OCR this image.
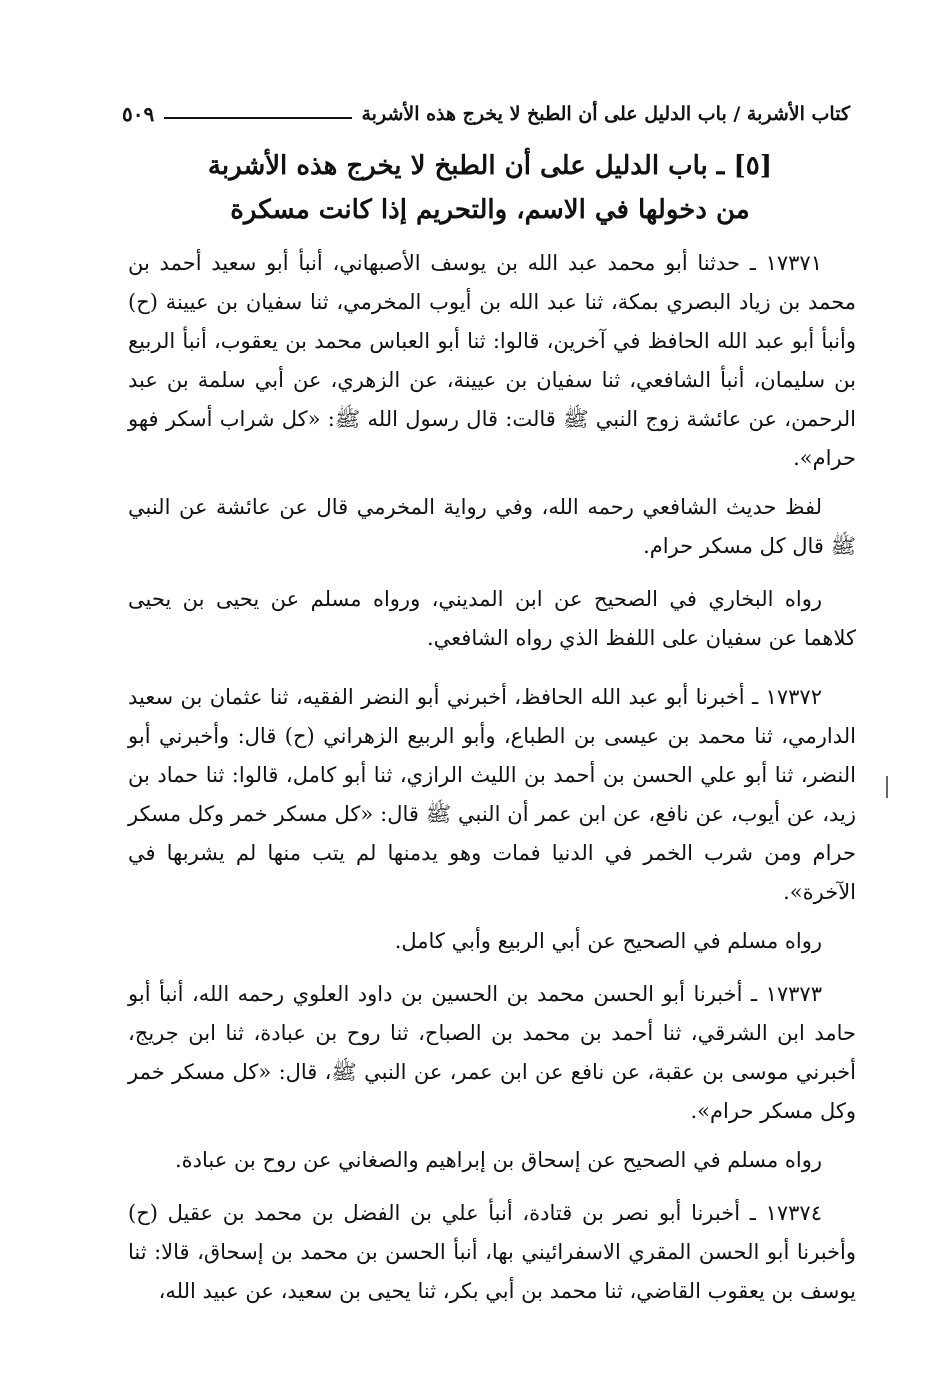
كتاب الأشربة / باب الدليل على أن الطبخ لا يخرج هذه الأشربة
٥٠٩
[٥] ـ باب الدليل على أن الطبخ لا يخرج هذه الأشربة
من دخولها في الاسم، والتحريم إذا كانت مسكرة

١٧٣٧١ ـ حدثنا أبو محمد عبد الله بن يوسف الأصبهاني، أنبأ أبو سعيد أحمد بن محمد بن زياد البصري بمكة، ثنا عبد الله بن أيوب المخرمي، ثنا سفيان بن عيينة (ح) وأنبأ أبو عبد الله الحافظ في آخرين، قالوا: ثنا أبو العباس محمد بن يعقوب، أنبأ الربيع بن سليمان، أنبأ الشافعي، ثنا سفيان بن عيينة، عن الزهري، عن أبي سلمة بن عبد الرحمن، عن عائشة زوج النبي ﷺ قالت: قال رسول الله ﷺ: «كل شراب أسكر فهو حرام».

لفظ حديث الشافعي رحمه الله، وفي رواية المخرمي قال عن عائشة عن النبي ﷺ قال كل مسكر حرام.

رواه البخاري في الصحيح عن ابن المديني، ورواه مسلم عن يحيى بن يحيى كلاهما عن سفيان على اللفظ الذي رواه الشافعي.

١٧٣٧٢ ـ أخبرنا أبو عبد الله الحافظ، أخبرني أبو النضر الفقيه، ثنا عثمان بن سعيد الدارمي، ثنا محمد بن عيسى بن الطباع، وأبو الربيع الزهراني (ح) قال: وأخبرني أبو النضر، ثنا أبو علي الحسن بن أحمد بن الليث الرازي، ثنا أبو كامل، قالوا: ثنا حماد بن زيد، عن أيوب، عن نافع، عن ابن عمر أن النبي ﷺ قال: «كل مسكر خمر وكل مسكر حرام ومن شرب الخمر في الدنيا فمات وهو يدمنها لم يتب منها لم يشربها في الآخرة».

رواه مسلم في الصحيح عن أبي الربيع وأبي كامل.

١٧٣٧٣ ـ أخبرنا أبو الحسن محمد بن الحسين بن داود العلوي رحمه الله، أنبأ أبو حامد ابن الشرقي، ثنا أحمد بن محمد بن الصباح، ثنا روح بن عبادة، ثنا ابن جريج، أخبرني موسى بن عقبة، عن نافع عن ابن عمر، عن النبي ﷺ، قال: «كل مسكر خمر وكل مسكر حرام».

رواه مسلم في الصحيح عن إسحاق بن إبراهيم والصغاني عن روح بن عبادة.

١٧٣٧٤ ـ أخبرنا أبو نصر بن قتادة، أنبأ علي بن الفضل بن محمد بن عقيل (ح) وأخبرنا أبو الحسن المقري الاسفرائيني بها، أنبأ الحسن بن محمد بن إسحاق، قالا: ثنا يوسف بن يعقوب القاضي، ثنا محمد بن أبي بكر، ثنا يحيى بن سعيد، عن عبيد الله،
